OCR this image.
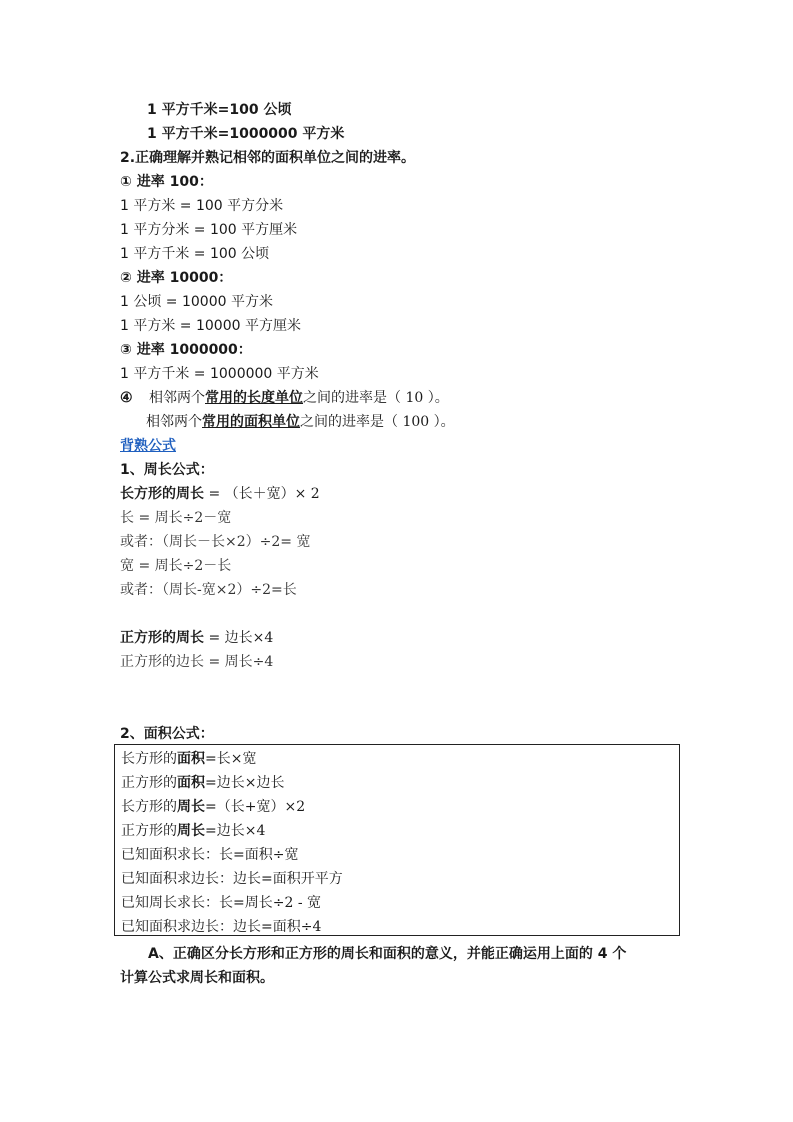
1 平方千米=100 公顷
1 平方千米=1000000 平方米
2.正确理解并熟记相邻的面积单位之间的进率。
① 进率 100：
1 平方米 = 100 平方分米
1 平方分米 = 100 平方厘米
1 平方千米 = 100 公顷
② 进率 10000：
1 公顷 = 10000 平方米
1 平方米 = 10000 平方厘米
③ 进率 1000000：
1 平方千米 = 1000000 平方米
④ 相邻两个常用的长度单位之间的进率是（ 10 ）。
相邻两个常用的面积单位之间的进率是（ 100 ）。
背熟公式
1、周长公式：
长方形的周长 = （长＋宽）× 2
长 = 周长÷2－宽
或者：（周长－长×2）÷2= 宽
宽 = 周长÷2－长
或者：（周长-宽×2）÷2=长
正方形的周长 = 边长×4
正方形的边长 = 周长÷4
2、面积公式：
长方形的面积=长×宽
正方形的面积=边长×边长
长方形的周长=（长+宽）×2
正方形的周长=边长×4
已知面积求长：长=面积÷宽
已知面积求边长：边长=面积开平方
已知周长求长：长=周长÷2 - 宽
已知面积求边长：边长=面积÷4
A、正确区分长方形和正方形的周长和面积的意义，并能正确运用上面的 4 个
计算公式求周长和面积。
